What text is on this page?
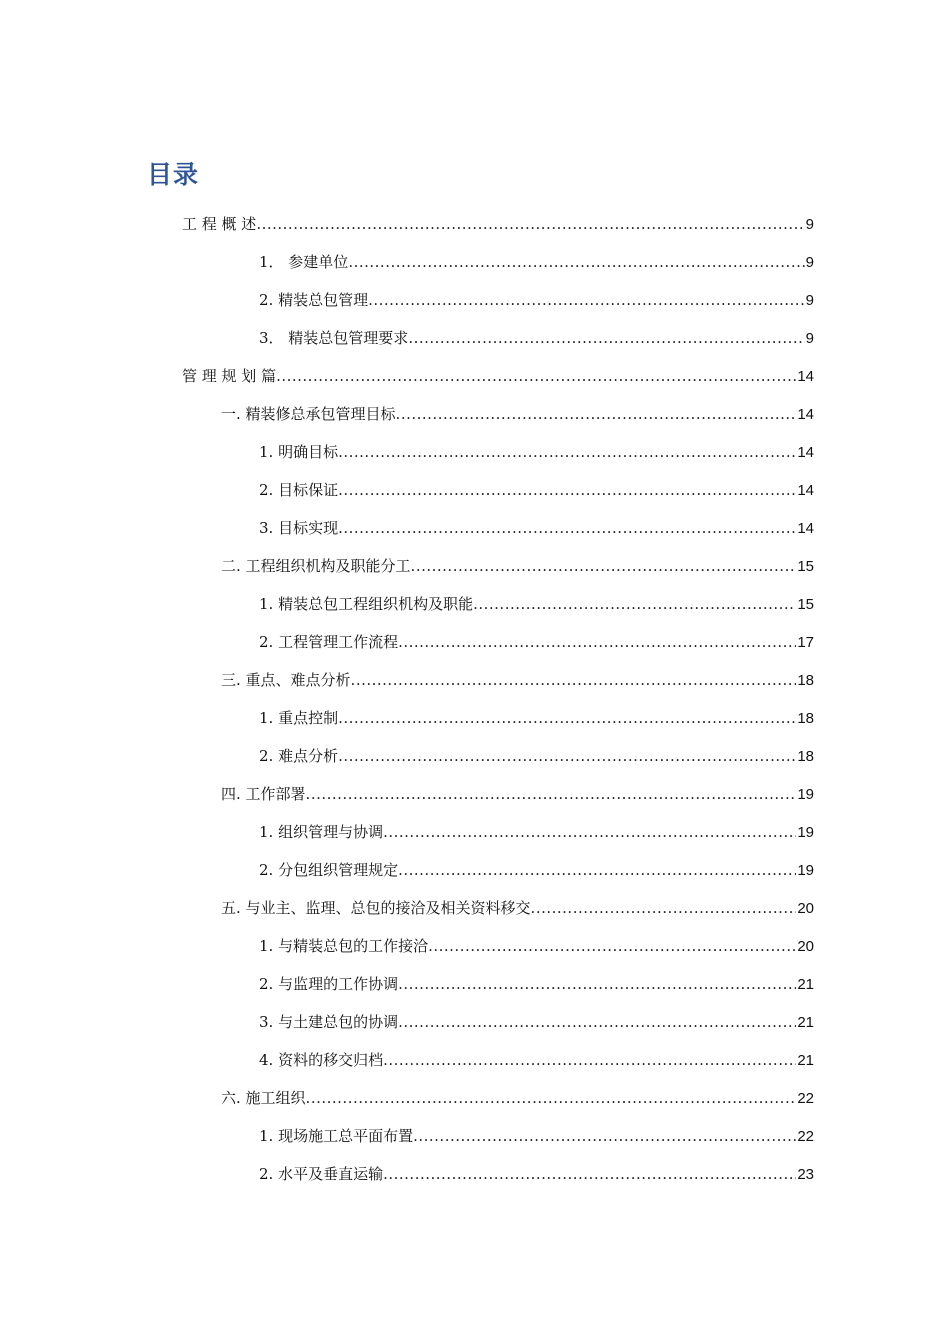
目录
工 程 概 述 .....	9
1． 参建单位 .....	9
2. 精装总包管理 .....	9
3． 精装总包管理要求 .....	9
管 理 规 划 篇 .....	14
一. 精装修总承包管理目标 .....	14
1. 明确目标 .....	14
2. 目标保证 .....	14
3. 目标实现 .....	14
二. 工程组织机构及职能分工 .....	15
1. 精装总包工程组织机构及职能 .....	15
2. 工程管理工作流程 .....	17
三. 重点、难点分析 .....	18
1. 重点控制 .....	18
2. 难点分析 .....	18
四. 工作部署 .....	19
1. 组织管理与协调 .....	19
2. 分包组织管理规定 .....	19
五. 与业主、监理、总包的接洽及相关资料移交 .....	20
1. 与精装总包的工作接洽 .....	20
2. 与监理的工作协调 .....	21
3. 与土建总包的协调 .....	21
4. 资料的移交归档 .....	21
六. 施工组织 .....	22
1. 现场施工总平面布置 .....	22
2. 水平及垂直运输 .....	23
